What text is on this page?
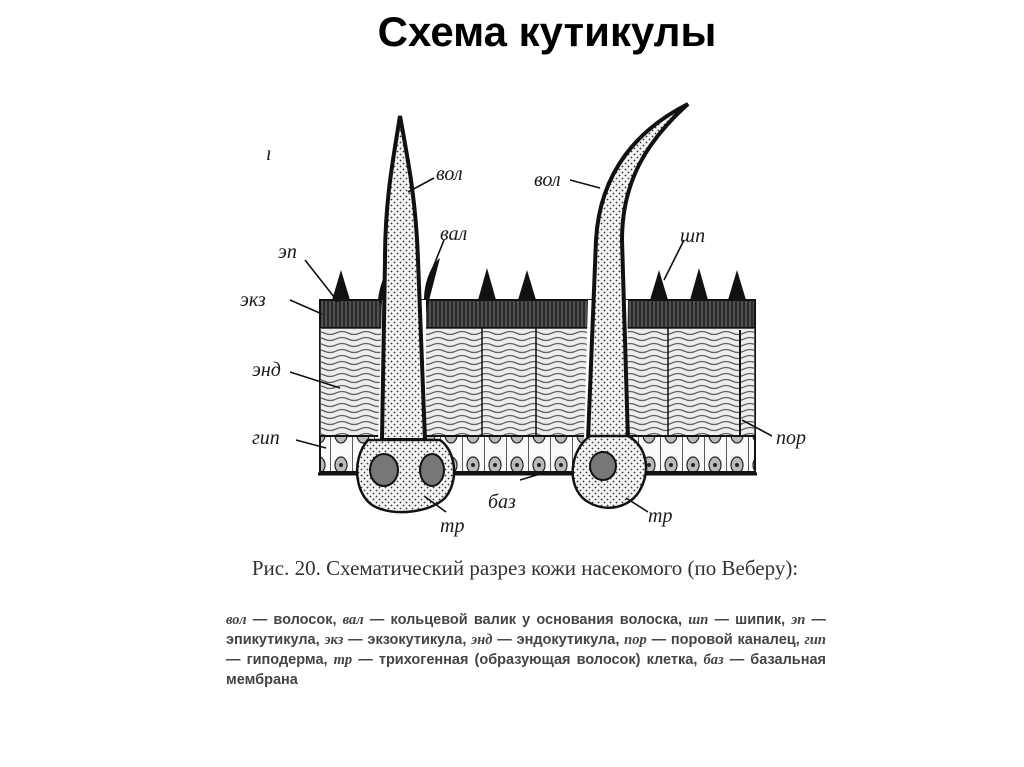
Схема кутикулы
ı
вол	вол
вал	шп
эп
экз
энд
гип	пор
баз
тр	тр
Рис. 20. Схематический разрез кожи насекомого (по Веберу):
вол — волосок, вал — кольцевой валик у основания волоска, шп — шипик, эп — эпикутикула, экз — экзокутикула, энд — эндокутикула, пор — поровой каналец, гип — гиподерма, тр — трихогенная (образующая волосок) клетка, баз — базальная мембрана
